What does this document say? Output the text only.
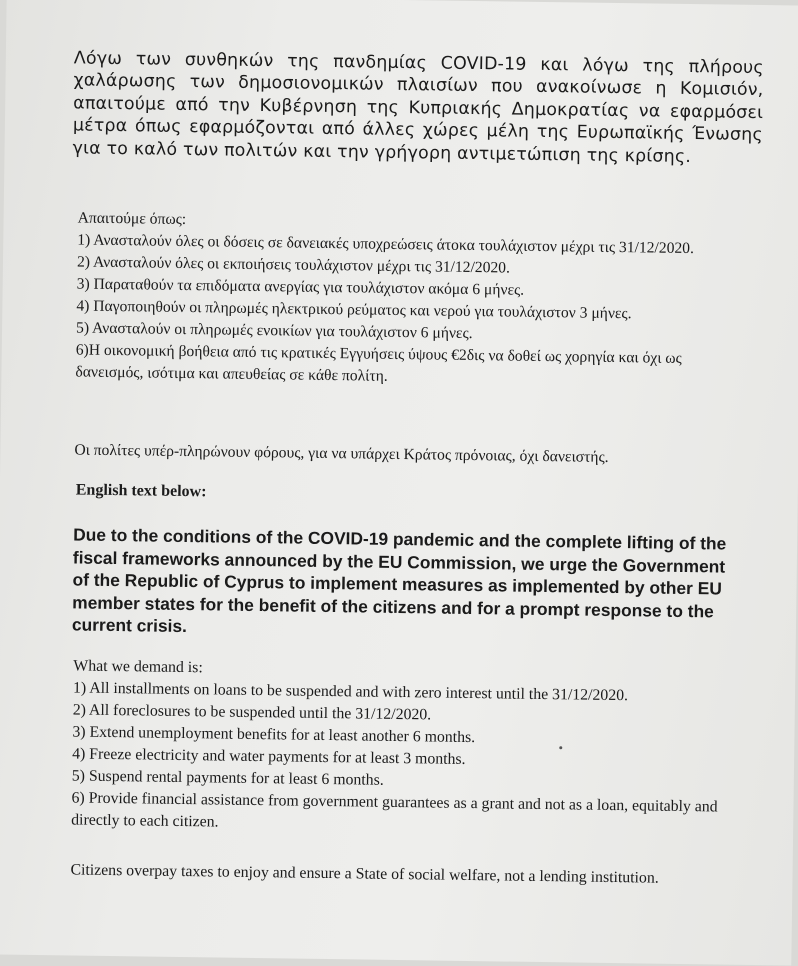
Λόγω των συνθηκών της πανδημίας COVID-19 και λόγω της πλήρους χαλάρωσης των δημοσιονομικών πλαισίων που ανακοίνωσε η Κομισιόν, απαιτούμε από την Κυβέρνηση της Κυπριακής Δημοκρατίας να εφαρμόσει μέτρα όπως εφαρμόζονται από άλλες χώρες μέλη της Ευρωπαϊκής Ένωσης για το καλό των πολιτών και την γρήγορη αντιμετώπιση της κρίσης.

Απαιτούμε όπως:
1) Ανασταλούν όλες οι δόσεις σε δανειακές υποχρεώσεις άτοκα τουλάχιστον μέχρι τις 31/12/2020.
2) Ανασταλούν όλες οι εκποιήσεις τουλάχιστον μέχρι τις 31/12/2020.
3) Παραταθούν τα επιδόματα ανεργίας για τουλάχιστον ακόμα 6 μήνες.
4) Παγοποιηθούν οι πληρωμές ηλεκτρικού ρεύματος και νερού για τουλάχιστον 3 μήνες.
5) Ανασταλούν οι πληρωμές ενοικίων για τουλάχιστον 6 μήνες.
6)Η οικονομική βοήθεια από τις κρατικές Εγγυήσεις ύψους €2δις να δοθεί ως χορηγία και όχι ως δανεισμός, ισότιμα και απευθείας σε κάθε πολίτη.

Οι πολίτες υπέρ-πληρώνουν φόρους, για να υπάρχει Κράτος πρόνοιας, όχι δανειστής.

English text below:

Due to the conditions of the COVID-19 pandemic and the complete lifting of the fiscal frameworks announced by the EU Commission, we urge the Government of the Republic of Cyprus to implement measures as implemented by other EU member states for the benefit of the citizens and for a prompt response to the current crisis.

What we demand is:
1) All installments on loans to be suspended and with zero interest until the 31/12/2020.
2) All foreclosures to be suspended until the 31/12/2020.
3) Extend unemployment benefits for at least another 6 months.
4) Freeze electricity and water payments for at least 3 months.
5) Suspend rental payments for at least 6 months.
6) Provide financial assistance from government guarantees as a grant and not as a loan, equitably and directly to each citizen.

Citizens overpay taxes to enjoy and ensure a State of social welfare, not a lending institution.
